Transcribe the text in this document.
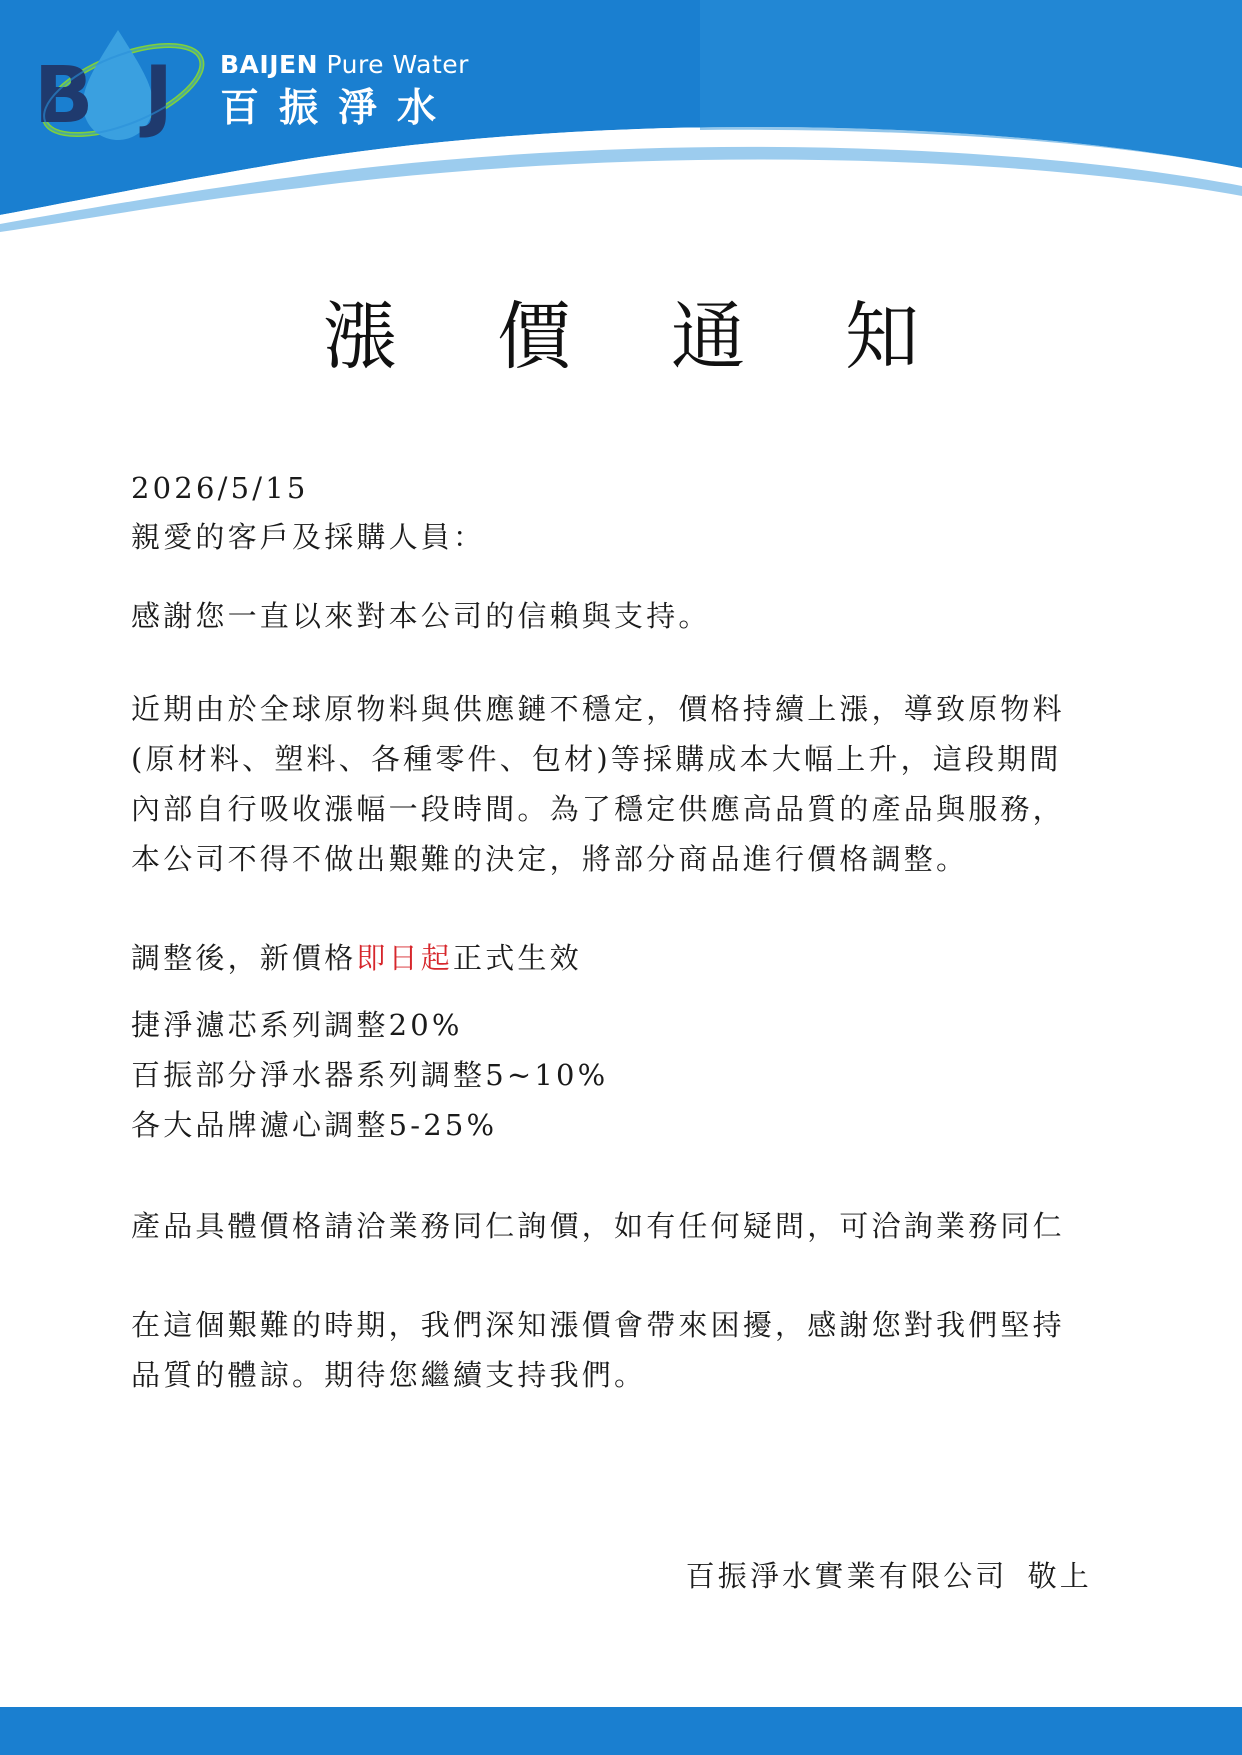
B J BAIJEN Pure Water
百振淨水
漲價通知
2026/5/15
親愛的客戶及採購人員：
感謝您一直以來對本公司的信賴與支持。
近期由於全球原物料與供應鏈不穩定，價格持續上漲，導致原物料
(原材料、塑料、各種零件、包材)等採購成本大幅上升，這段期間
內部自行吸收漲幅一段時間。為了穩定供應高品質的產品與服務，
本公司不得不做出艱難的決定，將部分商品進行價格調整。
調整後，新價格即日起正式生效
捷淨濾芯系列調整20%
百振部分淨水器系列調整5~10%
各大品牌濾心調整5-25%
產品具體價格請洽業務同仁詢價，如有任何疑問，可洽詢業務同仁
在這個艱難的時期，我們深知漲價會帶來困擾，感謝您對我們堅持
品質的體諒。期待您繼續支持我們。
百振淨水實業有限公司 敬上
